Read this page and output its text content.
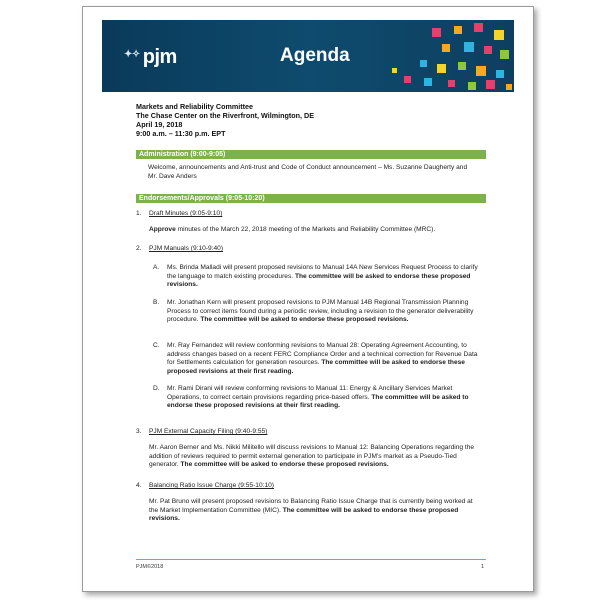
✦✧ pjm	Agenda
Markets and Reliability Committee
The Chase Center on the Riverfront, Wilmington, DE
April 19, 2018
9:00 a.m. – 11:30 p.m. EPT
Administration (9:00-9:05)
Welcome, announcements and Anti-trust and Code of Conduct announcement – Ms. Suzanne Daugherty and Mr. Dave Anders
Endorsements/Approvals (9:05-10:20)
1. Draft Minutes (9:05-9:10)
Approve minutes of the March 22, 2018 meeting of the Markets and Reliability Committee (MRC).
2. PJM Manuals (9:10-9:40)
A. Ms. Brinda Malladi will present proposed revisions to Manual 14A New Services Request Process to clarify the language to match existing procedures. The committee will be asked to endorse these proposed revisions.
B. Mr. Jonathan Kern will present proposed revisions to PJM Manual 14B Regional Transmission Planning Process to correct items found during a periodic review, including a revision to the generator deliverability procedure. The committee will be asked to endorse these proposed revisions.
C. Mr. Ray Fernandez will review conforming revisions to Manual 28: Operating Agreement Accounting, to address changes based on a recent FERC Compliance Order and a technical correction for Revenue Data for Settlements calculation for generation resources. The committee will be asked to endorse these proposed revisions at their first reading.
D. Mr. Rami Dirani will review conforming revisions to Manual 11: Energy & Ancillary Services Market Operations, to correct certain provisions regarding price-based offers. The committee will be asked to endorse these proposed revisions at their first reading.
3. PJM External Capacity Filing (9:40-9:55)
Mr. Aaron Berner and Ms. Nikki Militello will discuss revisions to Manual 12: Balancing Operations regarding the addition of reviews required to permit external generation to participate in PJM's market as a Pseudo-Tied generator. The committee will be asked to endorse these proposed revisions.
4. Balancing Ratio Issue Charge (9:55-10:10)
Mr. Pat Bruno will present proposed revisions to Balancing Ratio Issue Charge that is currently being worked at the Market Implementation Committee (MIC). The committee will be asked to endorse these proposed revisions.
PJM©2018	1
